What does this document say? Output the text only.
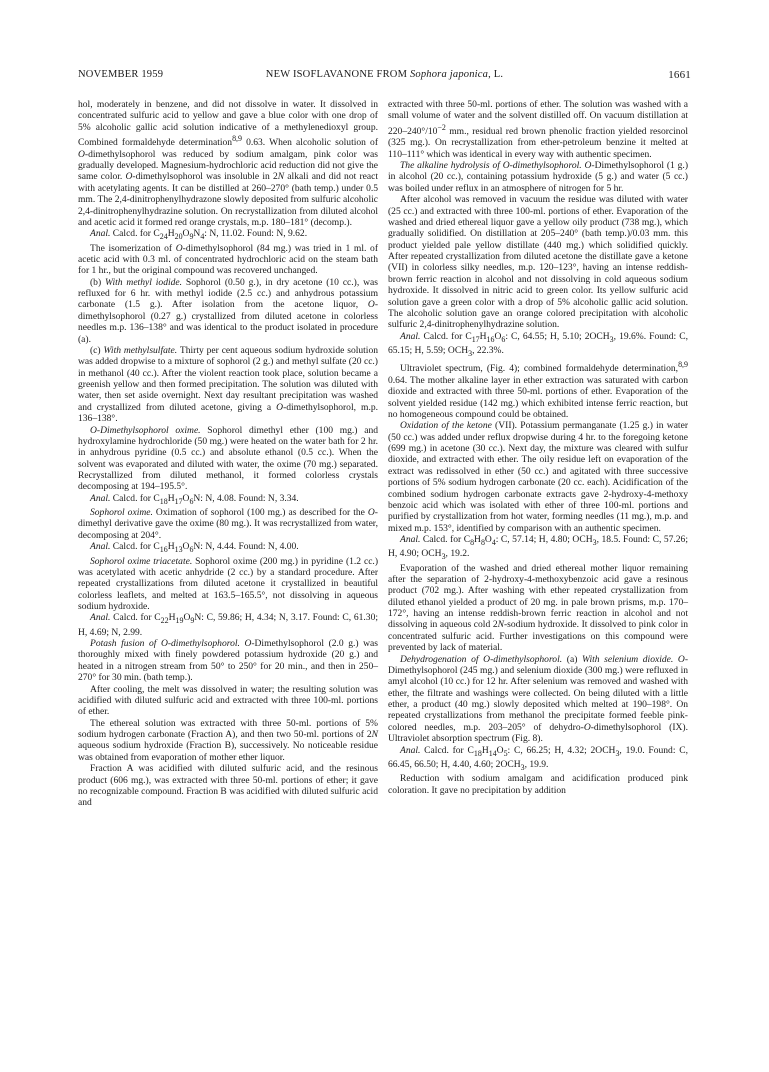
NOVEMBER 1959	NEW ISOFLAVANONE FROM Sophora japonica, L.	1661

hol, moderately in benzene, and did not dissolve in water. It dissolved in concentrated sulfuric acid to yellow and gave a blue color with one drop of 5% alcoholic gallic acid solution indicative of a methylenedioxyl group. Combined formaldehyde determination$^{8,9}$ 0.63. When alcoholic solution of O-dimethylsophorol was reduced by sodium amalgam, pink color was gradually developed. Magnesium-hydrochloric acid reduction did not give the same color. O-dimethylsophorol was insoluble in 2N alkali and did not react with acetylating agents. It can be distilled at 260–270° (bath temp.) under 0.5 mm. The 2,4-dinitrophenylhydrazone slowly deposited from sulfuric alcoholic 2,4-dinitrophenylhydrazine solution. On recrystallization from diluted alcohol and acetic acid it formed red orange crystals, m.p. 180–181° (decomp.).

Anal. Calcd. for $C_{24}H_{20}O_9N_4$: N, 11.02. Found: N, 9.62.

The isomerization of O-dimethylsophorol (84 mg.) was tried in 1 ml. of acetic acid with 0.3 ml. of concentrated hydrochloric acid on the steam bath for 1 hr., but the original compound was recovered unchanged.

(b) With methyl iodide. Sophorol (0.50 g.), in dry acetone (10 cc.), was refluxed for 6 hr. with methyl iodide (2.5 cc.) and anhydrous potassium carbonate (1.5 g.). After isolation from the acetone liquor, O-dimethylsophorol (0.27 g.) crystallized from diluted acetone in colorless needles m.p. 136–138° and was identical to the product isolated in procedure (a).

(c) With methylsulfate. Thirty per cent aqueous sodium hydroxide solution was added dropwise to a mixture of sophorol (2 g.) and methyl sulfate (20 cc.) in methanol (40 cc.). After the violent reaction took place, solution became a greenish yellow and then formed precipitation. The solution was diluted with water, then set aside overnight. Next day resultant precipitation was washed and crystallized from diluted acetone, giving a O-dimethylsophorol, m.p. 136–138°.

O-Dimethylsophorol oxime. Sophorol dimethyl ether (100 mg.) and hydroxylamine hydrochloride (50 mg.) were heated on the water bath for 2 hr. in anhydrous pyridine (0.5 cc.) and absolute ethanol (0.5 cc.). When the solvent was evaporated and diluted with water, the oxime (70 mg.) separated. Recrystallized from diluted methanol, it formed colorless crystals decomposing at 194–195.5°.

Anal. Calcd. for $C_{18}H_{17}O_6N$: N, 4.08. Found: N, 3.34.

Sophorol oxime. Oximation of sophorol (100 mg.) as described for the O-dimethyl derivative gave the oxime (80 mg.). It was recrystallized from water, decomposing at 204°.

Anal. Calcd. for $C_{16}H_{13}O_6N$: N, 4.44. Found: N, 4.00.

Sophorol oxime triacetate. Sophorol oxime (200 mg.) in pyridine (1.2 cc.) was acetylated with acetic anhydride (2 cc.) by a standard procedure. After repeated crystallizations from diluted acetone it crystallized in beautiful colorless leaflets, and melted at 163.5–165.5°, not dissolving in aqueous sodium hydroxide.

Anal. Calcd. for $C_{22}H_{19}O_9N$: C, 59.86; H, 4.34; N, 3.17. Found: C, 61.30; H, 4.69; N, 2.99.

Potash fusion of O-dimethylsophorol. O-Dimethylsophorol (2.0 g.) was thoroughly mixed with finely powdered potassium hydroxide (20 g.) and heated in a nitrogen stream from 50° to 250° for 20 min., and then in 250–270° for 30 min. (bath temp.).

After cooling, the melt was dissolved in water; the resulting solution was acidified with diluted sulfuric acid and extracted with three 100-ml. portions of ether.

The ethereal solution was extracted with three 50-ml. portions of 5% sodium hydrogen carbonate (Fraction A), and then two 50-ml. portions of 2N aqueous sodium hydroxide (Fraction B), successively. No noticeable residue was obtained from evaporation of mother ether liquor.

Fraction A was acidified with diluted sulfuric acid, and the resinous product (606 mg.), was extracted with three 50-ml. portions of ether; it gave no recognizable compound. Fraction B was acidified with diluted sulfuric acid and

extracted with three 50-ml. portions of ether. The solution was washed with a small volume of water and the solvent distilled off. On vacuum distillation at $220-240^\circ/10^{-2}$ mm., residual red brown phenolic fraction yielded resorcinol (325 mg.). On recrystallization from ether-petroleum benzine it melted at 110–111° which was identical in every way with authentic specimen.

The alkaline hydrolysis of O-dimethylsophorol. O-Dimethylsophorol (1 g.) in alcohol (20 cc.), containing potassium hydroxide (5 g.) and water (5 cc.) was boiled under reflux in an atmosphere of nitrogen for 5 hr.

After alcohol was removed in vacuum the residue was diluted with water (25 cc.) and extracted with three 100-ml. portions of ether. Evaporation of the washed and dried ethereal liquor gave a yellow oily product (738 mg.), which gradually solidified. On distillation at 205–240° (bath temp.)/0.03 mm. this product yielded pale yellow distillate (440 mg.) which solidified quickly. After repeated crystallization from diluted acetone the distillate gave a ketone (VII) in colorless silky needles, m.p. 120–123°, having an intense reddish-brown ferric reaction in alcohol and not dissolving in cold aqueous sodium hydroxide. It dissolved in nitric acid to green color. Its yellow sulfuric acid solution gave a green color with a drop of 5% alcoholic gallic acid solution. The alcoholic solution gave an orange colored precipitation with alcoholic sulfuric 2,4-dinitrophenylhydrazine solution.

Anal. Calcd. for $C_{17}H_{16}O_6$: C, 64.55; H, 5.10; $2OCH_3$, 19.6%. Found: C, 65.15; H, 5.59; $OCH_3$, 22.3%.

Ultraviolet spectrum, (Fig. 4); combined formaldehyde determination,$^{8,9}$ 0.64. The mother alkaline layer in ether extraction was saturated with carbon dioxide and extracted with three 50-ml. portions of ether. Evaporation of the solvent yielded residue (142 mg.) which exhibited intense ferric reaction, but no homogeneous compound could be obtained.

Oxidation of the ketone (VII). Potassium permanganate (1.25 g.) in water (50 cc.) was added under reflux dropwise during 4 hr. to the foregoing ketone (699 mg.) in acetone (30 cc.). Next day, the mixture was cleared with sulfur dioxide, and extracted with ether. The oily residue left on evaporation of the extract was redissolved in ether (50 cc.) and agitated with three successive portions of 5% sodium hydrogen carbonate (20 cc. each). Acidification of the combined sodium hydrogen carbonate extracts gave 2-hydroxy-4-methoxy benzoic acid which was isolated with ether of three 100-ml. portions and purified by crystallization from hot water, forming needles (11 mg.), m.p. and mixed m.p. 153°, identified by comparison with an authentic specimen.

Anal. Calcd. for $C_8H_8O_4$: C, 57.14; H, 4.80; $OCH_3$, 18.5. Found: C, 57.26; H, 4.90; $OCH_3$, 19.2.

Evaporation of the washed and dried ethereal mother liquor remaining after the separation of 2-hydroxy-4-methoxybenzoic acid gave a resinous product (702 mg.). After washing with ether repeated crystallization from diluted ethanol yielded a product of 20 mg. in pale brown prisms, m.p. 170–172°, having an intense reddish-brown ferric reaction in alcohol and not dissolving in aqueous cold 2N-sodium hydroxide. It dissolved to pink color in concentrated sulfuric acid. Further investigations on this compound were prevented by lack of material.

Dehydrogenation of O-dimethylsophorol. (a) With selenium dioxide. O-Dimethylsophorol (245 mg.) and selenium dioxide (300 mg.) were refluxed in amyl alcohol (10 cc.) for 12 hr. After selenium was removed and washed with ether, the filtrate and washings were collected. On being diluted with a little ether, a product (40 mg.) slowly deposited which melted at 190–198°. On repeated crystallizations from methanol the precipitate formed feeble pink-colored needles, m.p. 203–205° of dehydro-O-dimethylsophorol (IX). Ultraviolet absorption spectrum (Fig. 8).

Anal. Calcd. for $C_{18}H_{14}O_5$: C, 66.25; H, 4.32; $2OCH_3$, 19.0. Found: C, 66.45, 66.50; H, 4.40, 4.60; $2OCH_3$, 19.9.

Reduction with sodium amalgam and acidification produced pink coloration. It gave no precipitation by addition
